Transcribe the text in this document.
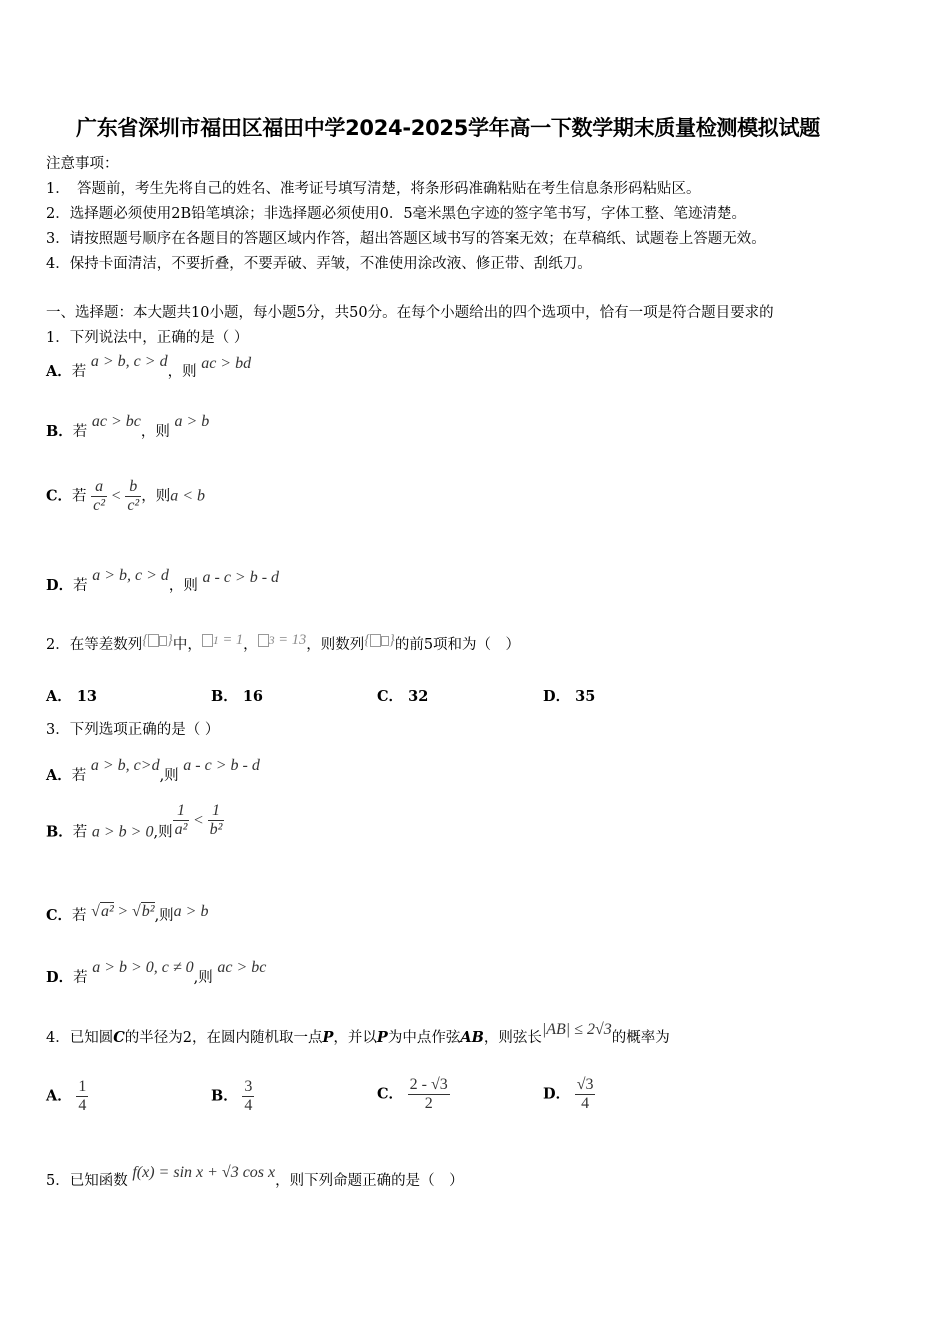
广东省深圳市福田区福田中学2024-2025学年高一下数学期末质量检测模拟试题
注意事项：
1．　答题前，考生先将自己的姓名、准考证号填写清楚，将条形码准确粘贴在考生信息条形码粘贴区。
2．选择题必须使用2B铅笔填涂；非选择题必须使用0．5毫米黑色字迹的签字笔书写，字体工整、笔迹清楚。
3．请按照题号顺序在各题目的答题区域内作答，超出答题区域书写的答案无效；在草稿纸、试题卷上答题无效。
4．保持卡面清洁，不要折叠，不要弄破、弄皱，不准使用涂改液、修正带、刮纸刀。
一、选择题：本大题共10小题，每小题5分，共50分。在每个小题给出的四个选项中，恰有一项是符合题目要求的
1．下列说法中，正确的是（ ）
A．若 a > b, c > d，则 ac > bd
B．若 ac > bc，则 a > b
C．若 $\frac{a}{\text{c²}} < \frac{b}{\text{c²}}$ ，则a < b
D．若 a > b, c > d，则 a - c > b - d
2．在等差数列{ }中， 1 = 1， 3 = 13，则数列{ }的前5项和为（　）
A． 13	B． 16	C． 32	D． 35
3．下列选项正确的是（ ）
A．若 a > b, c>d,则 a - c > b - d
B．若 a > b > 0,则 $\frac{1}{\text{a²}} < \frac{1}{\text{b²}}$
C．若 √a² > √b²,则a > b
D．若 a > b > 0, c ≠ 0,则 ac > bc
4．已知圆C的半径为2，在圆内随机取一点P，并以P为中点作弦AB，则弦长|AB| ≤ 2√3的概率为
A． $\frac{1}{4}$	B． $\frac{3}{4}$	C． $\frac{2 - √3}{2}$	D． $\frac{√3}{4}$
5．已知函数 f(x) = sin x + √3 cos x，则下列命题正确的是（　）
